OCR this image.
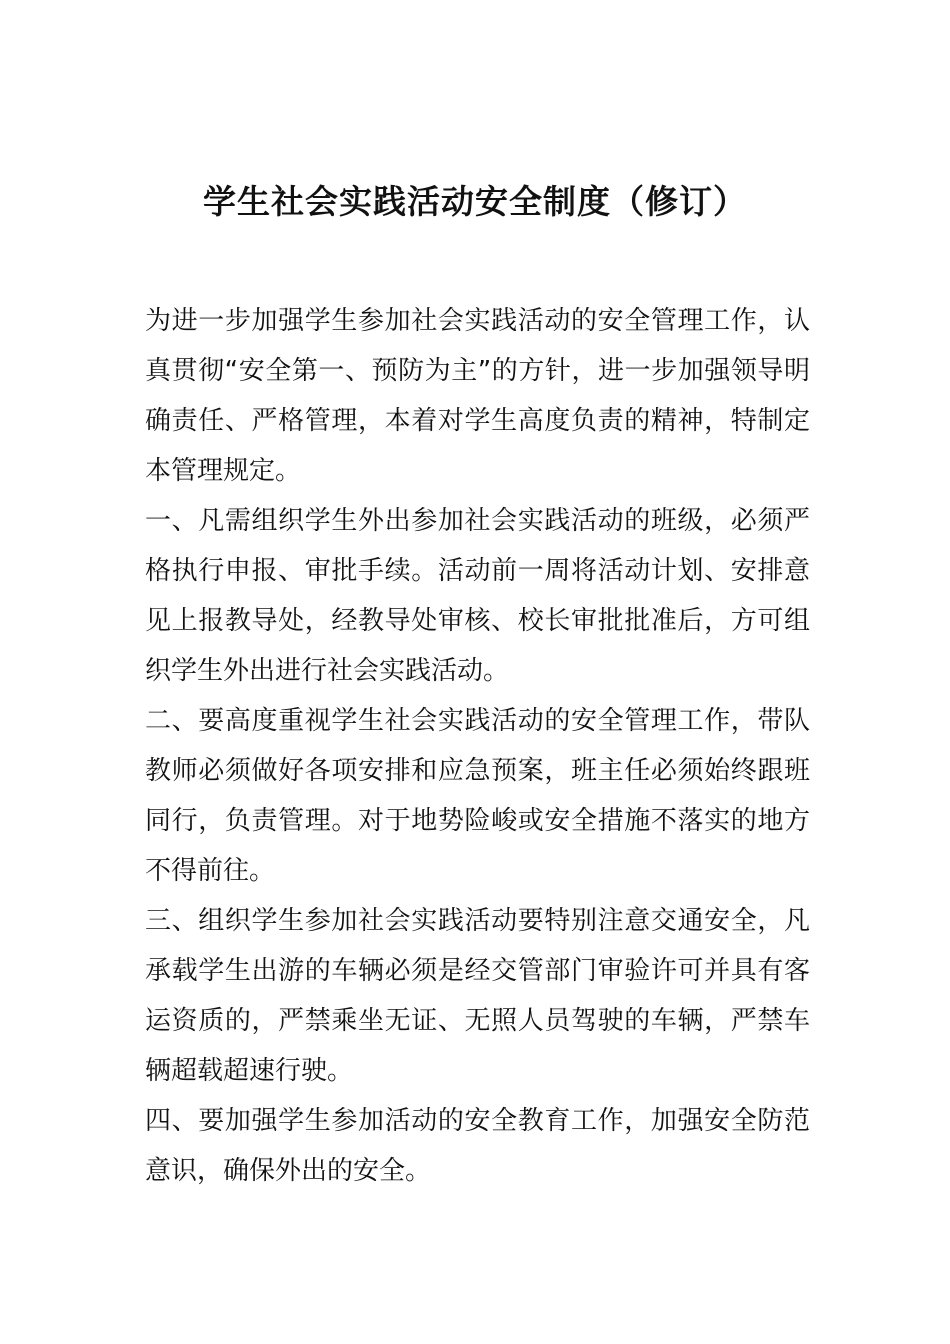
学生社会实践活动安全制度（修订）

为进一步加强学生参加社会实践活动的安全管理工作，认真贯彻“安全第一、预防为主”的方针，进一步加强领导明确责任、严格管理，本着对学生高度负责的精神，特制定本管理规定。

一、凡需组织学生外出参加社会实践活动的班级，必须严格执行申报、审批手续。活动前一周将活动计划、安排意见上报教导处，经教导处审核、校长审批批准后，方可组织学生外出进行社会实践活动。

二、要高度重视学生社会实践活动的安全管理工作，带队教师必须做好各项安排和应急预案，班主任必须始终跟班同行，负责管理。对于地势险峻或安全措施不落实的地方不得前往。

三、组织学生参加社会实践活动要特别注意交通安全，凡承载学生出游的车辆必须是经交管部门审验许可并具有客运资质的，严禁乘坐无证、无照人员驾驶的车辆，严禁车辆超载超速行驶。

四、要加强学生参加活动的安全教育工作，加强安全防范意识，确保外出的安全。
